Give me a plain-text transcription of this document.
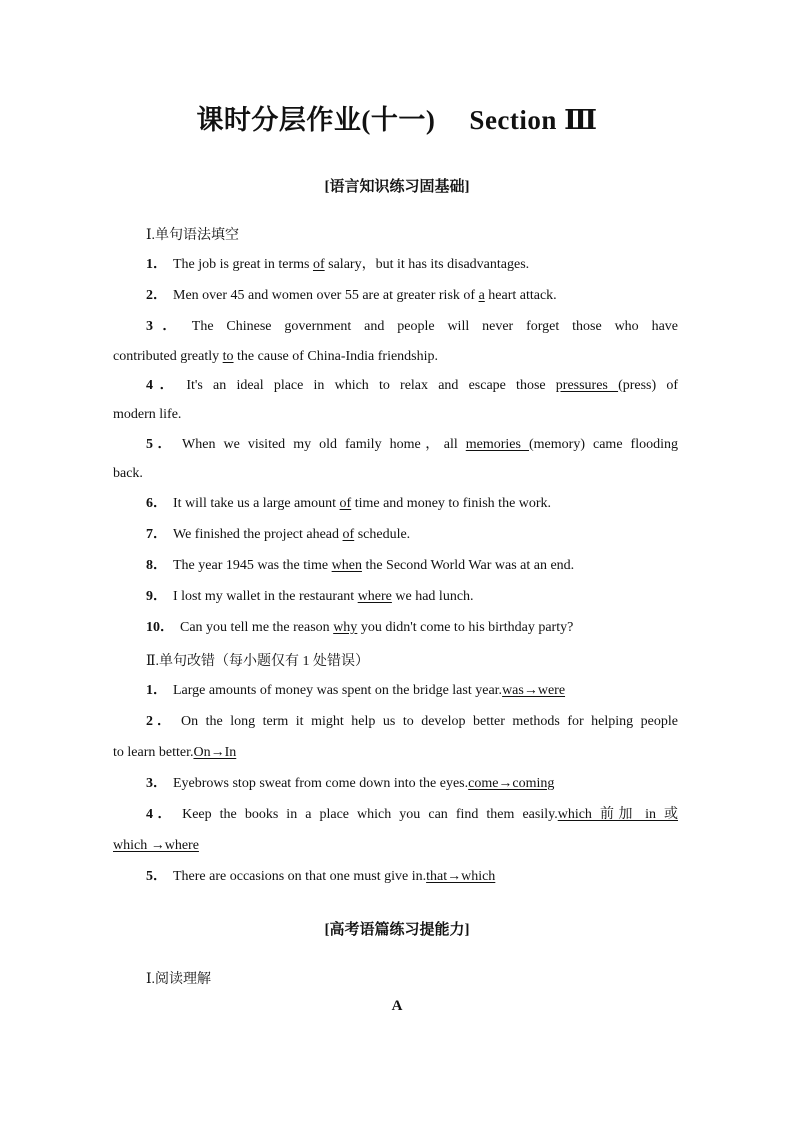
课时分层作业(十一) Section Ⅲ
[语言知识练习固基础]
Ⅰ.单句语法填空
1． The job is great in terms of salary，but it has its disadvantages.
2． Men over 45 and women over 55 are at greater risk of a heart attack.
3． The Chinese government and people will never forget those who have
contributed greatly to the cause of China-India friendship.
4． It's an ideal place in which to relax and escape those pressures (press) of
modern life.
5． When we visited my old family home，all memories (memory) came flooding
back.
6． It will take us a large amount of time and money to finish the work.
7． We finished the project ahead of schedule.
8． The year 1945 was the time when the Second World War was at an end.
9． I lost my wallet in the restaurant where we had lunch.
10． Can you tell me the reason why you didn't come to his birthday party?
Ⅱ.单句改错（每小题仅有 1 处错误）
1． Large amounts of money was spent on the bridge last year.was→were
2． On the long term it might help us to develop better methods for helping people
to learn better.On→In
3． Eyebrows stop sweat from come down into the eyes.come→coming
4． Keep the books in a place which you can find them easily.which 前加 in 或
which →where
5． There are occasions on that one must give in.that→which
[高考语篇练习提能力]
Ⅰ.阅读理解
A
